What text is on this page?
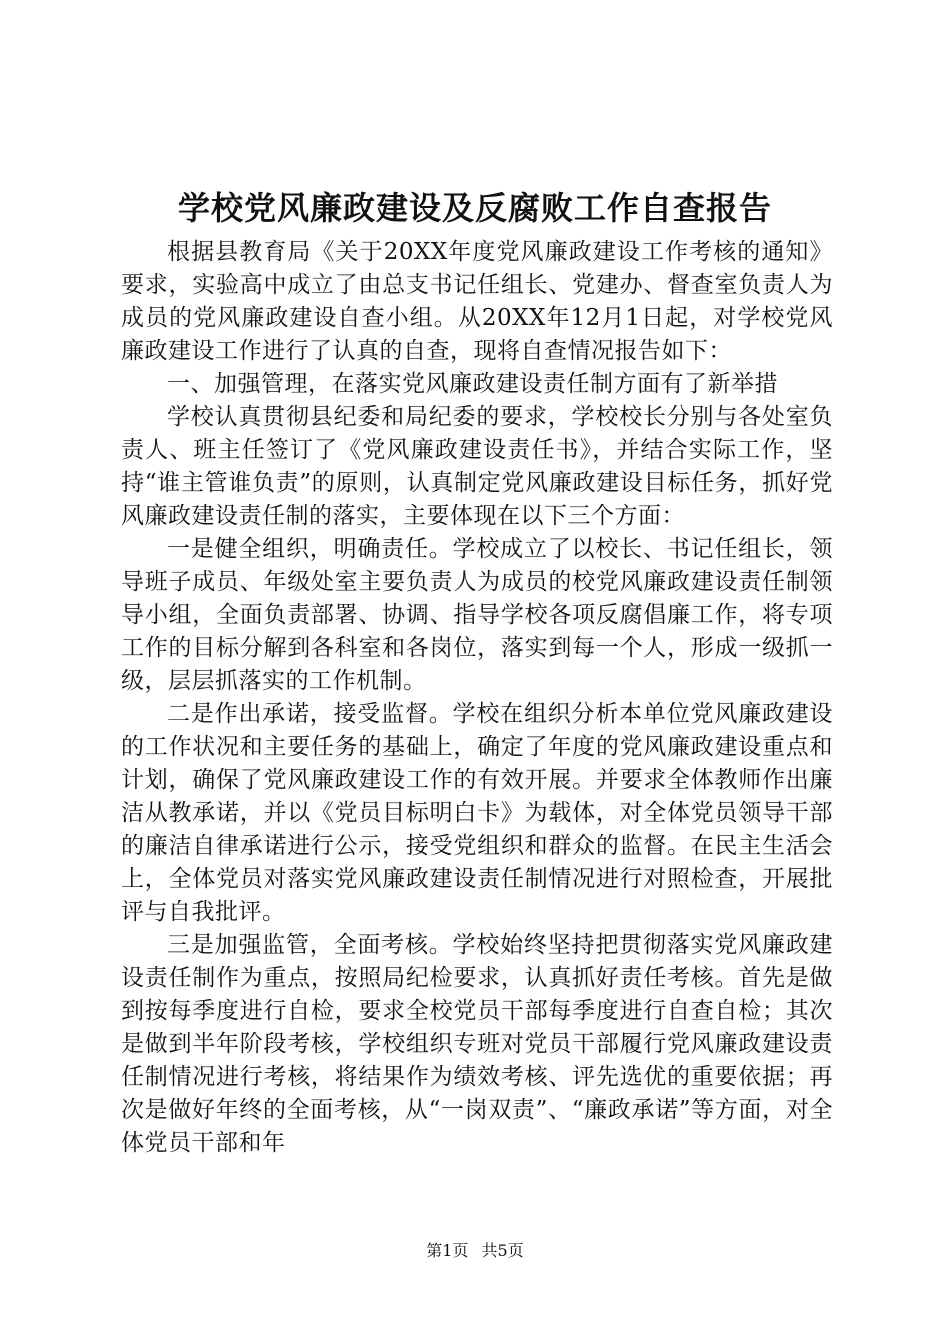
学校党风廉政建设及反腐败工作自查报告

根据县教育局《关于20XX年度党风廉政建设工作考核的通知》要求，实验高中成立了由总支书记任组长、党建办、督查室负责人为成员的党风廉政建设自查小组。从20XX年12月1日起，对学校党风廉政建设工作进行了认真的自查，现将自查情况报告如下：

一、加强管理，在落实党风廉政建设责任制方面有了新举措

学校认真贯彻县纪委和局纪委的要求，学校校长分别与各处室负责人、班主任签订了《党风廉政建设责任书》，并结合实际工作，坚持“谁主管谁负责”的原则，认真制定党风廉政建设目标任务，抓好党风廉政建设责任制的落实，主要体现在以下三个方面：

一是健全组织，明确责任。学校成立了以校长、书记任组长，领导班子成员、年级处室主要负责人为成员的校党风廉政建设责任制领导小组，全面负责部署、协调、指导学校各项反腐倡廉工作，将专项工作的目标分解到各科室和各岗位，落实到每一个人，形成一级抓一级，层层抓落实的工作机制。

二是作出承诺，接受监督。学校在组织分析本单位党风廉政建设的工作状况和主要任务的基础上，确定了年度的党风廉政建设重点和计划，确保了党风廉政建设工作的有效开展。并要求全体教师作出廉洁从教承诺，并以《党员目标明白卡》为载体，对全体党员领导干部的廉洁自律承诺进行公示，接受党组织和群众的监督。在民主生活会上，全体党员对落实党风廉政建设责任制情况进行对照检查，开展批评与自我批评。

三是加强监管，全面考核。学校始终坚持把贯彻落实党风廉政建设责任制作为重点，按照局纪检要求，认真抓好责任考核。首先是做到按每季度进行自检，要求全校党员干部每季度进行自查自检；其次是做到半年阶段考核，学校组织专班对党员干部履行党风廉政建设责任制情况进行考核，将结果作为绩效考核、评先选优的重要依据；再次是做好年终的全面考核，从“一岗双责”、“廉政承诺”等方面，对全体党员干部和年

第1页 共5页
